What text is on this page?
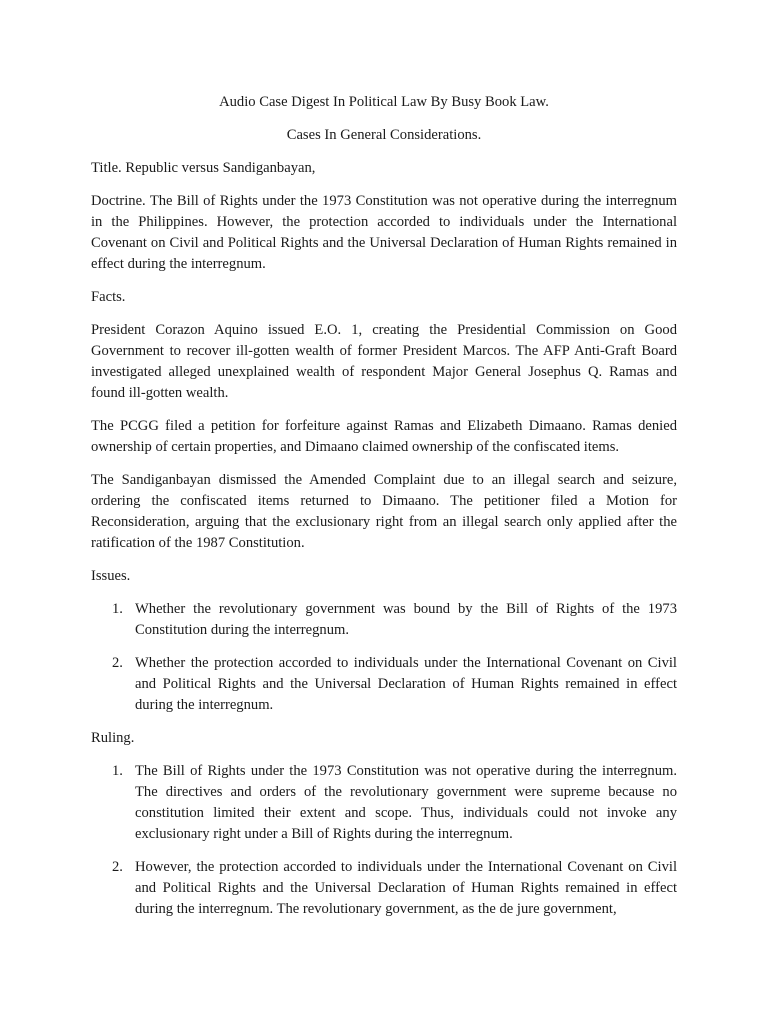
Audio Case Digest In Political Law By Busy Book Law.
Cases In General Considerations.
Title. Republic versus Sandiganbayan,

Doctrine. The Bill of Rights under the 1973 Constitution was not operative during the interregnum in the Philippines. However, the protection accorded to individuals under the International Covenant on Civil and Political Rights and the Universal Declaration of Human Rights remained in effect during the interregnum.

Facts.

President Corazon Aquino issued E.O. 1, creating the Presidential Commission on Good Government to recover ill-gotten wealth of former President Marcos. The AFP Anti-Graft Board investigated alleged unexplained wealth of respondent Major General Josephus Q. Ramas and found ill-gotten wealth.

The PCGG filed a petition for forfeiture against Ramas and Elizabeth Dimaano. Ramas denied ownership of certain properties, and Dimaano claimed ownership of the confiscated items.

The Sandiganbayan dismissed the Amended Complaint due to an illegal search and seizure, ordering the confiscated items returned to Dimaano. The petitioner filed a Motion for Reconsideration, arguing that the exclusionary right from an illegal search only applied after the ratification of the 1987 Constitution.

Issues.
1. Whether the revolutionary government was bound by the Bill of Rights of the 1973 Constitution during the interregnum.
2. Whether the protection accorded to individuals under the International Covenant on Civil and Political Rights and the Universal Declaration of Human Rights remained in effect during the interregnum.
Ruling.
1. The Bill of Rights under the 1973 Constitution was not operative during the interregnum. The directives and orders of the revolutionary government were supreme because no constitution limited their extent and scope. Thus, individuals could not invoke any exclusionary right under a Bill of Rights during the interregnum.
2. However, the protection accorded to individuals under the International Covenant on Civil and Political Rights and the Universal Declaration of Human Rights remained in effect during the interregnum. The revolutionary government, as the de jure government,
